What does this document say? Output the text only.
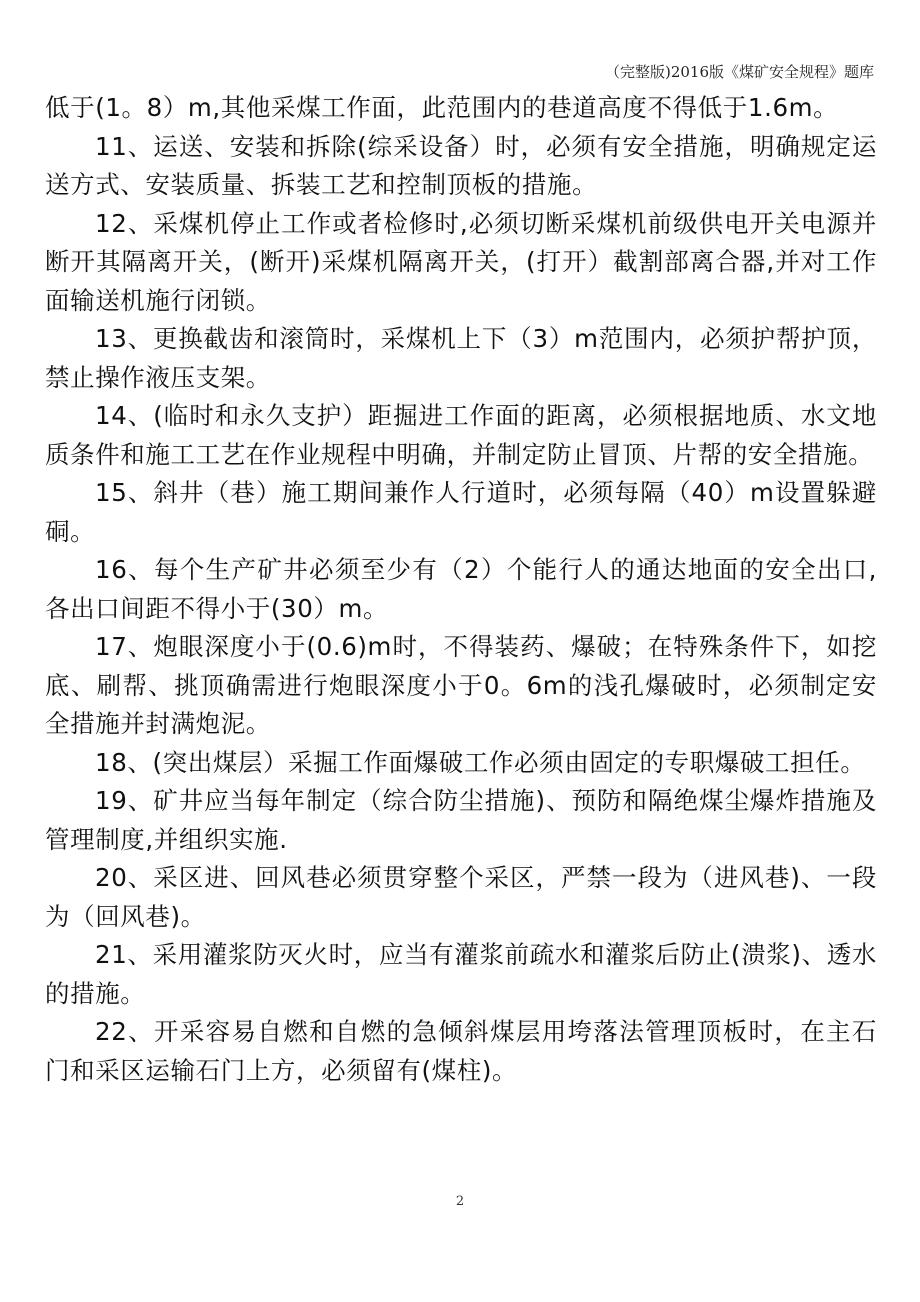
（完整版)2016版《煤矿安全规程》题库

低于(1。8）m,其他采煤工作面，此范围内的巷道高度不得低于1.6m。

11、运送、安装和拆除(综采设备）时，必须有安全措施，明确规定运送方式、安装质量、拆装工艺和控制顶板的措施。

12、采煤机停止工作或者检修时,必须切断采煤机前级供电开关电源并断开其隔离开关，(断开)采煤机隔离开关，(打开）截割部离合器,并对工作面输送机施行闭锁。

13、更换截齿和滚筒时，采煤机上下（3）m范围内，必须护帮护顶，禁止操作液压支架。

14、(临时和永久支护）距掘进工作面的距离，必须根据地质、水文地质条件和施工工艺在作业规程中明确，并制定防止冒顶、片帮的安全措施。

15、斜井（巷）施工期间兼作人行道时，必须每隔（40）m设置躲避硐。

16、每个生产矿井必须至少有（2）个能行人的通达地面的安全出口,各出口间距不得小于(30）m。

17、炮眼深度小于(0.6)m时，不得装药、爆破；在特殊条件下，如挖底、刷帮、挑顶确需进行炮眼深度小于0。6m的浅孔爆破时，必须制定安全措施并封满炮泥。

18、(突出煤层）采掘工作面爆破工作必须由固定的专职爆破工担任。

19、矿井应当每年制定（综合防尘措施)、预防和隔绝煤尘爆炸措施及管理制度,并组织实施.

20、采区进、回风巷必须贯穿整个采区，严禁一段为（进风巷)、一段为（回风巷)。

21、采用灌浆防灭火时，应当有灌浆前疏水和灌浆后防止(溃浆)、透水的措施。

22、开采容易自燃和自燃的急倾斜煤层用垮落法管理顶板时，在主石门和采区运输石门上方，必须留有(煤柱)。

2
